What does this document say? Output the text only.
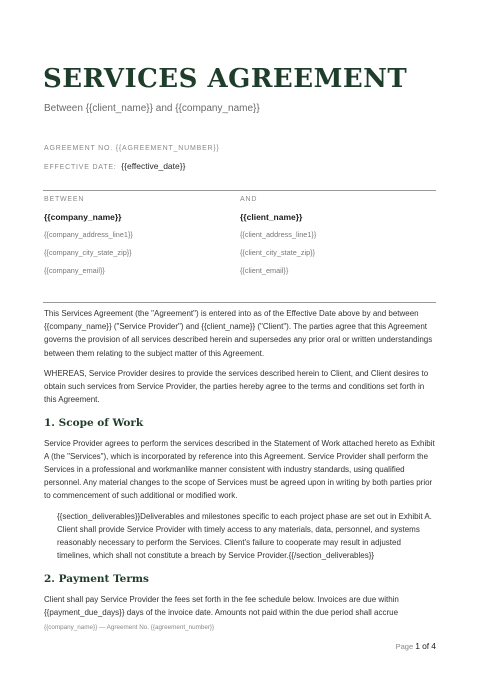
SERVICES AGREEMENT
Between {{client_name}} and {{company_name}}
AGREEMENT NO. {{AGREEMENT_NUMBER}}
EFFECTIVE DATE: {{effective_date}}
BETWEEN
{{company_name}}
{{company_address_line1}}
{{company_city_state_zip}}
{{company_email}}
AND
{{client_name}}
{{client_address_line1}}
{{client_city_state_zip}}
{{client_email}}

This Services Agreement (the "Agreement") is entered into as of the Effective Date above by and between {{company_name}} ("Service Provider") and {{client_name}} ("Client"). The parties agree that this Agreement governs the provision of all services described herein and supersedes any prior oral or written understandings between them relating to the subject matter of this Agreement.

WHEREAS, Service Provider desires to provide the services described herein to Client, and Client desires to obtain such services from Service Provider, the parties hereby agree to the terms and conditions set forth in this Agreement.

1. Scope of Work

Service Provider agrees to perform the services described in the Statement of Work attached hereto as Exhibit A (the "Services"), which is incorporated by reference into this Agreement. Service Provider shall perform the Services in a professional and workmanlike manner consistent with industry standards, using qualified personnel. Any material changes to the scope of Services must be agreed upon in writing by both parties prior to commencement of such additional or modified work.

{{section_deliverables}}Deliverables and milestones specific to each project phase are set out in Exhibit A. Client shall provide Service Provider with timely access to any materials, data, personnel, and systems reasonably necessary to perform the Services. Client's failure to cooperate may result in adjusted timelines, which shall not constitute a breach by Service Provider.{{/section_deliverables}}

2. Payment Terms

Client shall pay Service Provider the fees set forth in the fee schedule below. Invoices are due within {{payment_due_days}} days of the invoice date. Amounts not paid within the due period shall accrue

{{company_name}} — Agreement No. {{agreement_number}}
Page 1 of 4
